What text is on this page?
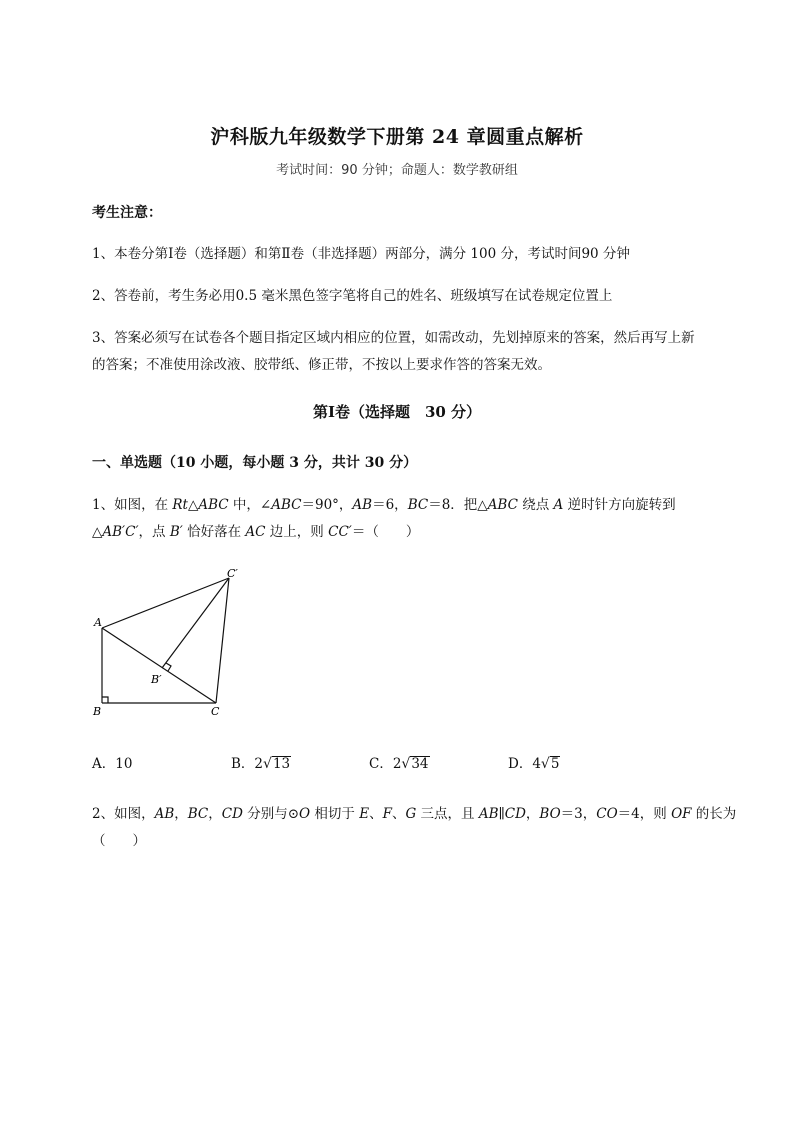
沪科版九年级数学下册第 24 章圆重点解析
考试时间：90 分钟；命题人：数学教研组
考生注意：
1、本卷分第Ⅰ卷（选择题）和第Ⅱ卷（非选择题）两部分，满分 100 分，考试时间90 分钟
2、答卷前，考生务必用0.5 毫米黑色签字笔将自己的姓名、班级填写在试卷规定位置上
3、答案必须写在试卷各个题目指定区域内相应的位置，如需改动，先划掉原来的答案，然后再写上新
的答案；不准使用涂改液、胶带纸、修正带，不按以上要求作答的答案无效。
第Ⅰ卷（选择题　30 分）
一、单选题（10 小题，每小题 3 分，共计 30 分）
1、如图，在 Rt△ABC 中，∠ABC＝90°，AB＝6，BC＝8．把△ABC 绕点 A 逆时针方向旋转到
△AB′C′，点 B′ 恰好落在 AC 边上，则 CC′＝（　　）
A
B	C
B′
C′
A．10	B．2√13	C．2√34	D．4√5
2、如图，AB，BC，CD 分别与⊙O 相切于 E、F、G 三点，且 AB∥CD，BO＝3，CO＝4，则 OF 的长为
（　　）
